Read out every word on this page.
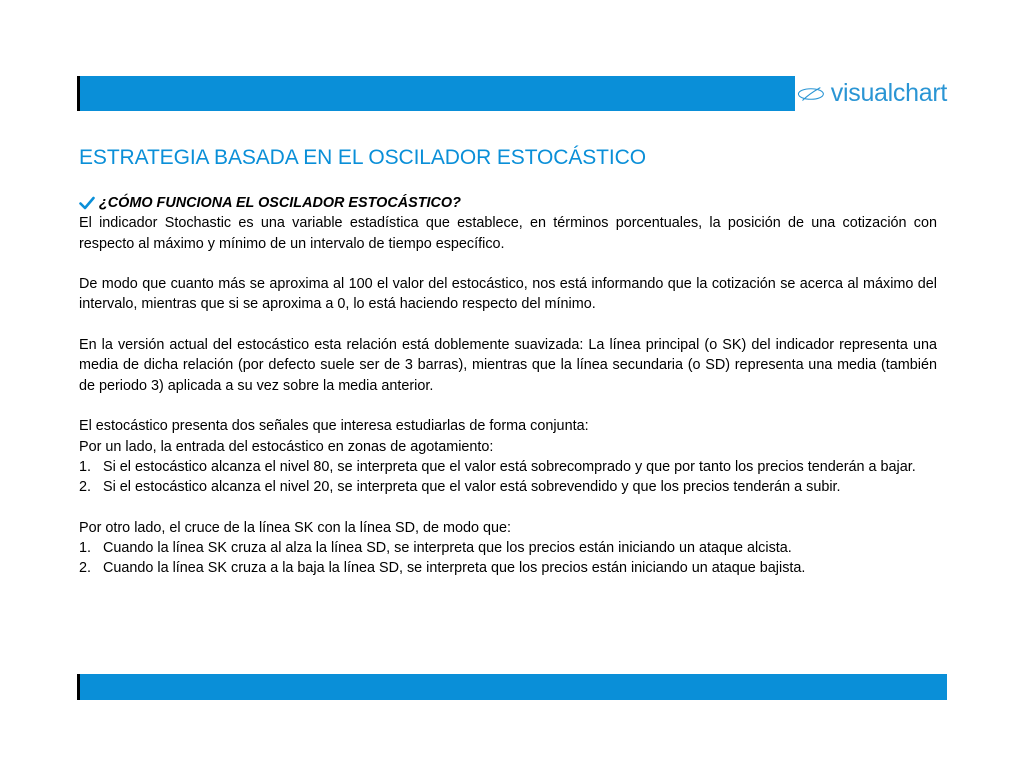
visualchart
ESTRATEGIA BASADA EN EL OSCILADOR ESTOCÁSTICO
¿CÓMO FUNCIONA EL OSCILADOR ESTOCÁSTICO?

El indicador Stochastic es una variable estadística que establece, en términos porcentuales, la posición de una cotización con respecto al máximo y mínimo de un intervalo de tiempo específico.

De modo que cuanto más se aproxima al 100 el valor del estocástico, nos está informando que la cotización se acerca al máximo del intervalo, mientras que si se aproxima a 0, lo está haciendo respecto del mínimo.

En la versión actual del estocástico esta relación está doblemente suavizada: La línea principal (o SK) del indicador representa una media de dicha relación (por defecto suele ser de 3 barras), mientras que la línea secundaria (o SD) representa una media (también de periodo 3) aplicada a su vez sobre la media anterior.

El estocástico presenta dos señales que interesa estudiarlas de forma conjunta:

Por un lado, la entrada del estocástico en zonas de agotamiento:

1. Si el estocástico alcanza el nivel 80, se interpreta que el valor está sobrecomprado y que por tanto los precios tenderán a bajar.
2. Si el estocástico alcanza el nivel 20, se interpreta que el valor está sobrevendido y que los precios tenderán a subir.

Por otro lado, el cruce de la línea SK con la línea SD, de modo que:

1. Cuando la línea SK cruza al alza la línea SD, se interpreta que los precios están iniciando un ataque alcista.
2. Cuando la línea SK cruza a la baja la línea SD, se interpreta que los precios están iniciando un ataque bajista.
